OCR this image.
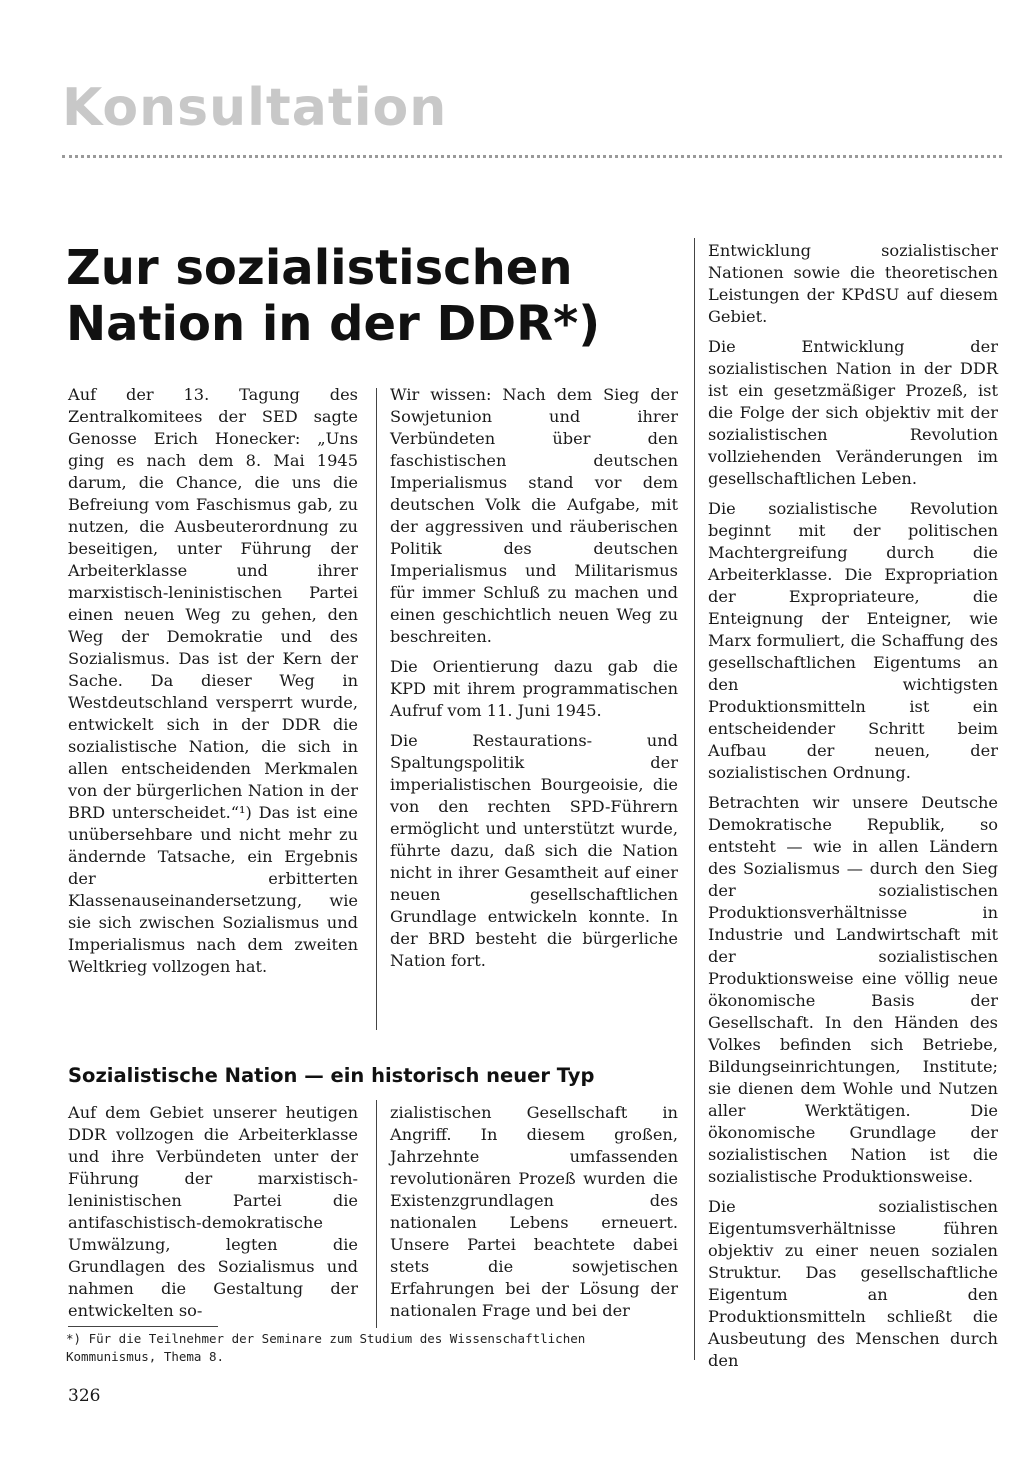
Konsultation
Zur sozialistischen
Nation in der DDR*)

Auf der 13. Tagung des Zentralkomitees der SED sagte Genosse Erich Honecker: „Uns ging es nach dem 8. Mai 1945 darum, die Chance, die uns die Befreiung vom Faschismus gab, zu nutzen, die Ausbeuterordnung zu beseitigen, unter Führung der Arbeiterklasse und ihrer marxistisch-leninistischen Partei einen neuen Weg zu gehen, den Weg der Demokratie und des Sozialismus. Das ist der Kern der Sache. Da dieser Weg in Westdeutschland versperrt wurde, entwickelt sich in der DDR die sozialistische Nation, die sich in allen entscheidenden Merkmalen von der bürgerlichen Nation in der BRD unterscheidet.“¹) Das ist eine unübersehbare und nicht mehr zu ändernde Tatsache, ein Ergebnis der erbitterten Klassenauseinandersetzung, wie sie sich zwischen Sozialismus und Imperialismus nach dem zweiten Weltkrieg vollzogen hat.

Wir wissen: Nach dem Sieg der Sowjetunion und ihrer Verbündeten über den faschistischen deutschen Imperialismus stand vor dem deutschen Volk die Aufgabe, mit der aggressiven und räuberischen Politik des deutschen Imperialismus und Militarismus für immer Schluß zu machen und einen geschichtlich neuen Weg zu beschreiten.

Die Orientierung dazu gab die KPD mit ihrem programmatischen Aufruf vom 11. Juni 1945.

Die Restaurations- und Spaltungspolitik der imperialistischen Bourgeoisie, die von den rechten SPD-Führern ermöglicht und unterstützt wurde, führte dazu, daß sich die Nation nicht in ihrer Gesamtheit auf einer neuen gesellschaftlichen Grundlage entwickeln konnte. In der BRD besteht die bürgerliche Nation fort.

Entwicklung sozialistischer Nationen sowie die theoretischen Leistungen der KPdSU auf diesem Gebiet.

Die Entwicklung der sozialistischen Nation in der DDR ist ein gesetzmäßiger Prozeß, ist die Folge der sich objektiv mit der sozialistischen Revolution vollziehenden Veränderungen im gesellschaftlichen Leben.

Die sozialistische Revolution beginnt mit der politischen Machtergreifung durch die Arbeiterklasse. Die Expropriation der Expropriateure, die Enteignung der Enteigner, wie Marx formuliert, die Schaffung des gesellschaftlichen Eigentums an den wichtigsten Produktionsmitteln ist ein entscheidender Schritt beim Aufbau der neuen, der sozialistischen Ordnung.

Betrachten wir unsere Deutsche Demokratische Republik, so entsteht — wie in allen Ländern des Sozialismus — durch den Sieg der sozialistischen Produktionsverhältnisse in Industrie und Landwirtschaft mit der sozialistischen Produktionsweise eine völlig neue ökonomische Basis der Gesellschaft. In den Händen des Volkes befinden sich Betriebe, Bildungseinrichtungen, Institute; sie dienen dem Wohle und Nutzen aller Werktätigen. Die ökonomische Grundlage der sozialistischen Nation ist die sozialistische Produktionsweise.

Die sozialistischen Eigentumsverhältnisse führen objektiv zu einer neuen sozialen Struktur. Das gesellschaftliche Eigentum an den Produktionsmitteln schließt die Ausbeutung des Menschen durch den

Sozialistische Nation — ein historisch neuer Typ

Auf dem Gebiet unserer heutigen DDR vollzogen die Arbeiterklasse und ihre Verbündeten unter der Führung der marxistisch-leninistischen Partei die antifaschistisch-demokratische Umwälzung, legten die Grundlagen des Sozialismus und nahmen die Gestaltung der entwickelten so-

zialistischen Gesellschaft in Angriff. In diesem großen, Jahrzehnte umfassenden revolutionären Prozeß wurden die Existenzgrundlagen des nationalen Lebens erneuert. Unsere Partei beachtete dabei stets die sowjetischen Erfahrungen bei der Lösung der nationalen Frage und bei der

*) Für die Teilnehmer der Seminare zum Studium des Wissenschaftlichen Kommunismus, Thema 8.
326
